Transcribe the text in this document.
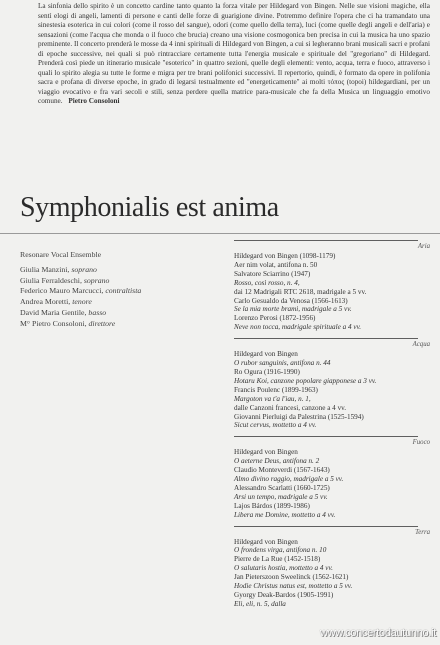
La sinfonia dello spirito è un concetto cardine tanto quanto la forza vitale per Hildegard von Bingen. Nelle sue visioni magiche, ella sentì elogi di angeli, lamenti di persone e canti delle forze di guarigione divine. Potremmo definire l'opera che ci ha tramandato una sinestesia esoterica in cui colori (come il rosso del sangue), odori (come quello della terra), luci (come quelle degli angeli e dell'aria) e sensazioni (come l'acqua che monda o il fuoco che brucia) creano una visione cosmogonica ben precisa in cui la musica ha uno spazio preminente. Il concerto prenderà le mosse da 4 inni spirituali di Hildegard von Bingen, a cui si legheranno brani musicali sacri e profani di epoche successive, nei quali si può rintracciare certamente tutta l'energia musicale e spirituale del "gregoriano" di Hildegard. Prenderà così piede un itinerario musicale "esoterico" in quattro sezioni, quelle degli elementi: vento, acqua, terra e fuoco, attraverso i quali lo spirito alegia su tutte le forme e migra per tre brani polifonici successivi. Il repertorio, quindi, è formato da opere in polifonia sacra e profana di diverse epoche, in grado di legarsi testualmente ed "energeticamente" ai molti τόπος (topoi) hildegardiani, per un viaggio evocativo e fra vari secoli e stili, senza perdere quella matrice para-musicale che fa della Musica un linguaggio emotivo comune. Pietro Consoloni

Symphonialis est anima
Resonare Vocal Ensemble
Giulia Manzini, soprano
Giulia Ferraldeschi, soprano
Federico Mauro Marcucci, contraltista
Andrea Moretti, tenore
David Maria Gentile, basso
M° Pietro Consoloni, direttore
Aria
Hildegard von Bingen (1098-1179)
Aer nim volat, antifona n. 50
Salvatore Sciarrino (1947)
Rosso, così rosso, n. 4,
dai 12 Madrigali RTC 2618, madrigale a 5 vv.
Carlo Gesualdo da Venosa (1566-1613)
Se la mia morte brami, madrigale a 5 vv.
Lorenzo Perosi (1872-1956)
Neve non tocca, madrigale spirituale a 4 vv.
Acqua
Hildegard von Bingen
O rubor sanguinis, antifona n. 44
Ro Ogura (1916-1990)
Hotaru Koi, canzone popolare giapponese a 3 vv.
Francis Poulenc (1899-1963)
Margoton va t'a l'iau, n. 1,
dalle Canzoni francesi, canzone a 4 vv.
Giovanni Pierluigi da Palestrina (1525-1594)
Sicut cervus, mottetto a 4 vv.
Fuoco
Hildegard von Bingen
O aeterne Deus, antifona n. 2
Claudio Monteverdi (1567-1643)
Almo divino raggio, madrigale a 5 vv.
Alessandro Scarlatti (1660-1725)
Arsi un tempo, madrigale a 5 vv.
Lajos Bárdos (1899-1986)
Libera me Domine, mottetto a 4 vv.
Terra
Hildegard von Bingen
O frondens virga, antifona n. 10
Pierre de La Rue (1452-1518)
O salutaris hostia, mottetto a 4 vv.
Jan Pieterszoon Sweelinck (1562-1621)
Hodie Christus natus est, mottetto a 5 vv.
Gyorgy Deak-Bardos (1905-1991)
Eli, eli, n. 5, dalla
www.concertodautunno.it
